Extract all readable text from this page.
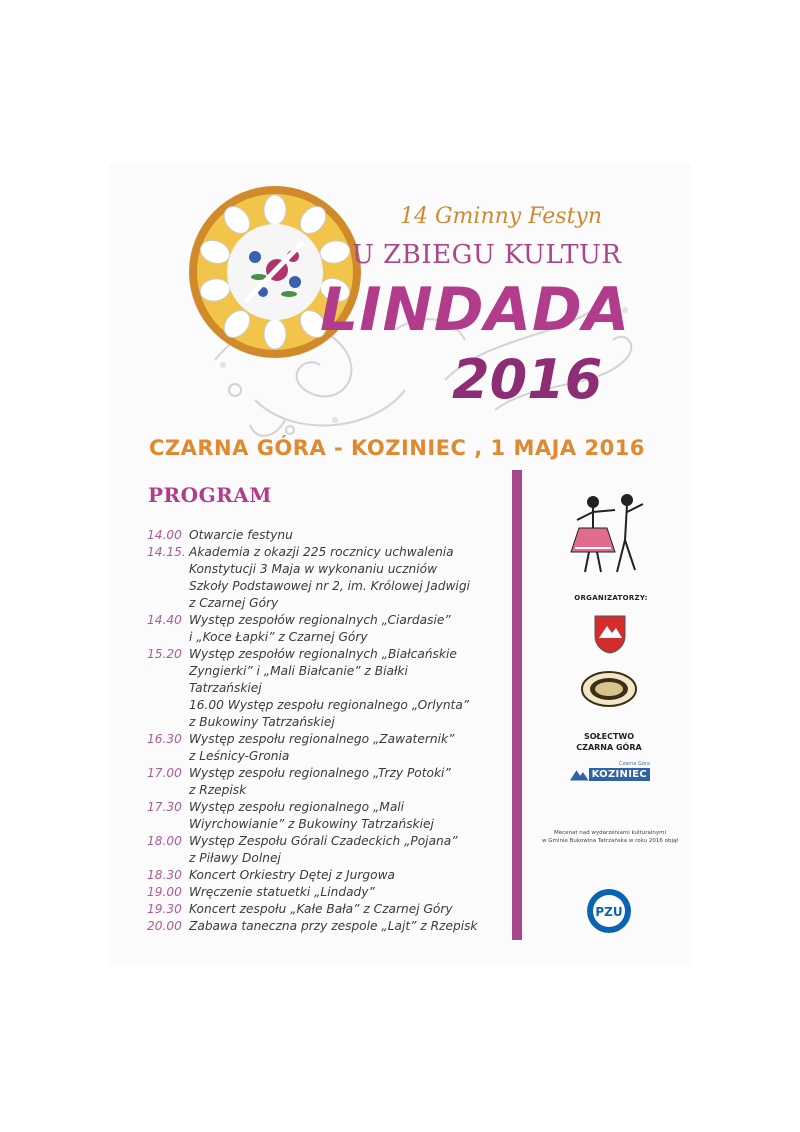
14 Gminny Festyn
U ZBIEGU KULTUR
LINDADA
2016
CZARNA GÓRA - KOZINIEC , 1 MAJA 2016
PROGRAM
14.00 Otwarcie festynu
14.15. Akademia z okazji 225 rocznicy uchwalenia
Konstytucji 3 Maja w wykonaniu uczniów
Szkoły Podstawowej nr 2, im. Królowej Jadwigi
z Czarnej Góry
14.40 Występ zespołów regionalnych „Ciardasie”
i „Koce Łapki” z Czarnej Góry
15.20 Występ zespołów regionalnych „Białcańskie
Zyngierki” i „Mali Białcanie” z Białki
Tatrzańskiej
16.00 Występ zespołu regionalnego „Orlynta”
z Bukowiny Tatrzańskiej
16.30 Występ zespołu regionalnego „Zawaternik”
z Leśnicy-Gronia
17.00 Występ zespołu regionalnego „Trzy Potoki”
z Rzepisk
17.30 Występ zespołu regionalnego „Mali
Wiyrchowianie” z Bukowiny Tatrzańskiej
18.00 Występ Zespołu Górali Czadeckich „Pojana”
z Piławy Dolnej
18.30 Koncert Orkiestry Dętej z Jurgowa
19.00 Wręczenie statuetki „Lindady”
19.30 Koncert zespołu „Kałe Bała” z Czarnej Góry
20.00 Zabawa taneczna przy zespole „Lajt” z Rzepisk
ORGANIZATORZY:
SOŁECTWO
CZARNA GÓRA
Czarna Góra
KOZINIEC
Mecenat nad wydarzeniami kulturalnymi
w Gminie Bukowina Tatrzańska w roku 2016 objął
PZU
